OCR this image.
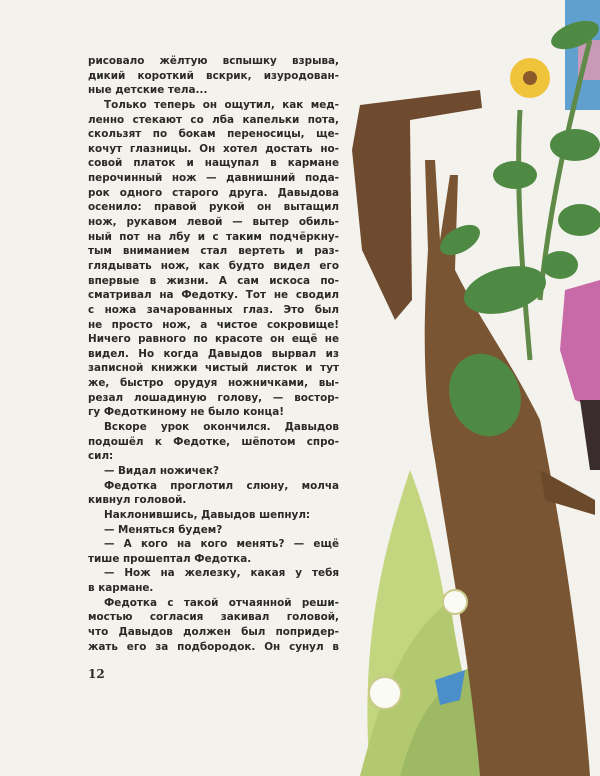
рисовало жёлтую вспышку взрыва,
дикий короткий вскрик, изуродован-
ные детские тела...
Только теперь он ощутил, как мед-
ленно стекают со лба капельки пота,
скользят по бокам переносицы, ще-
кочут глазницы. Он хотел достать но-
совой платок и нащупал в кармане
перочинный нож — давнишний пода-
рок одного старого друга. Давыдова
осенило: правой рукой он вытащил
нож, рукавом левой — вытер обиль-
ный пот на лбу и с таким подчёркну-
тым вниманием стал вертеть и раз-
глядывать нож, как будто видел его
впервые в жизни. А сам искоса по-
сматривал на Федотку. Тот не сводил
с ножа зачарованных глаз. Это был
не просто нож, а чистое сокровище!
Ничего равного по красоте он ещё не
видел. Но когда Давыдов вырвал из
записной книжки чистый листок и тут
же, быстро орудуя ножничками, вы-
резал лошадиную голову, — востор-
гу Федоткиному не было конца!
Вскоре урок окончился. Давыдов
подошёл к Федотке, шёпотом спро-
сил:
— Видал ножичек?
Федотка проглотил слюну, молча
кивнул головой.
Наклонившись, Давыдов шепнул:
— Меняться будем?
— А кого на кого менять? — ещё
тише прошептал Федотка.
— Нож на железку, какая у тебя
в кармане.
Федотка с такой отчаянной реши-
мостью согласия закивал головой,
что Давыдов должен был попридер-
жать его за подбородок. Он сунул в
12
